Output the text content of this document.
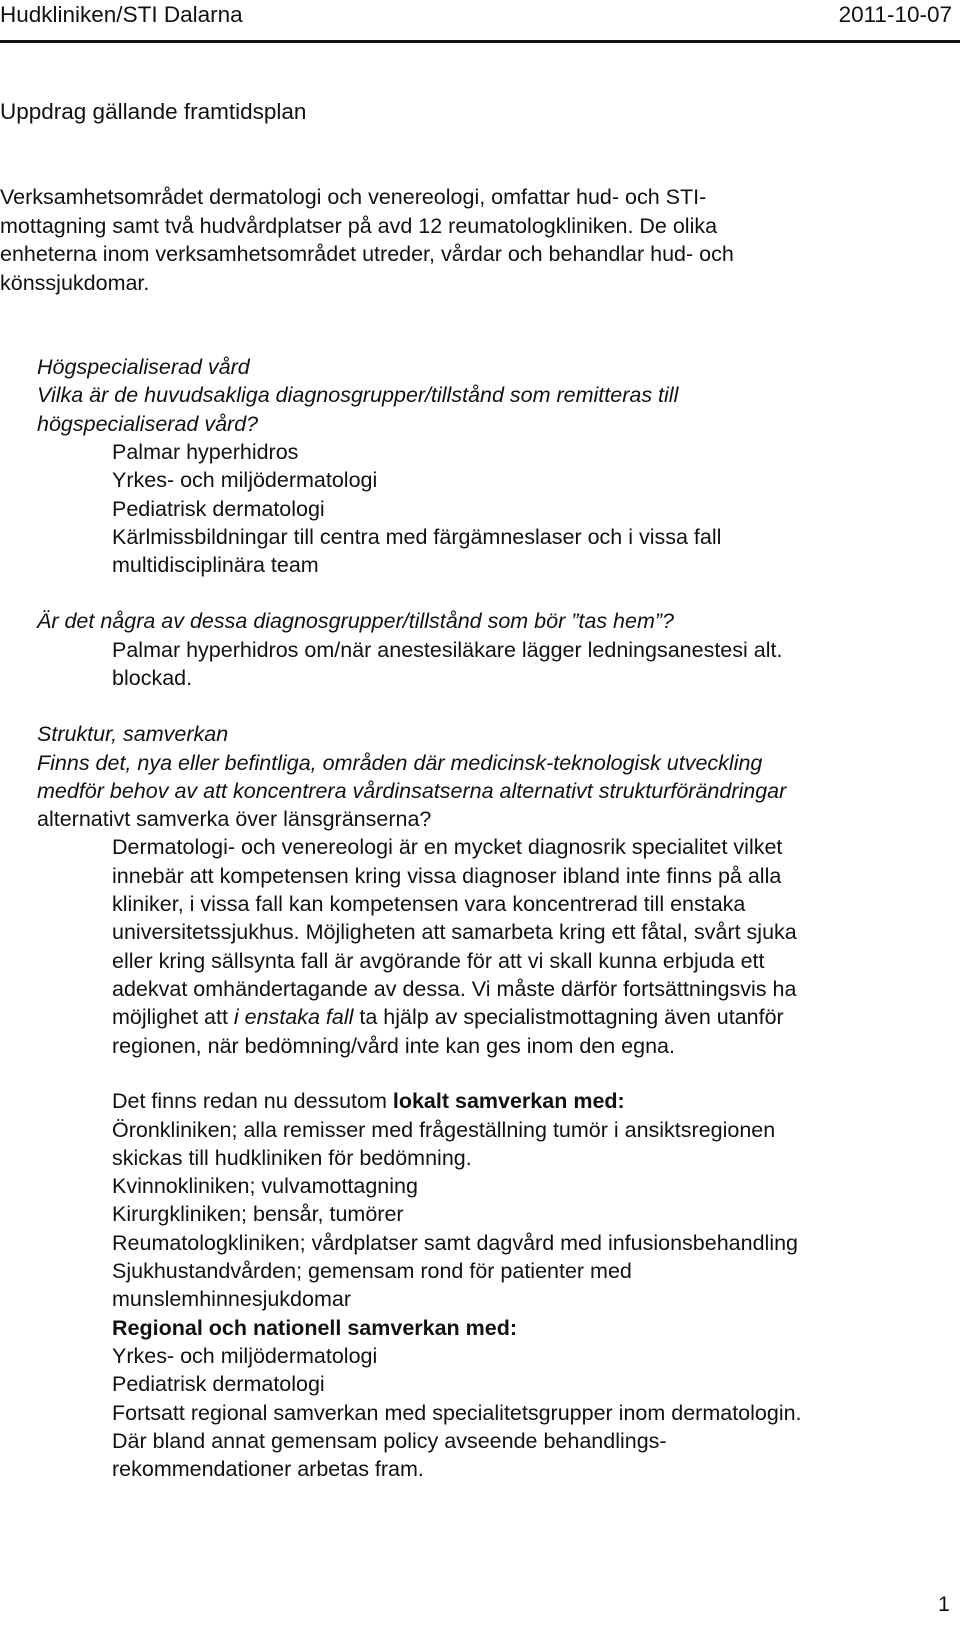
Hudkliniken/STI Dalarna	2011-10-07
Uppdrag gällande framtidsplan
Verksamhetsområdet dermatologi och venereologi, omfattar hud- och STI-
mottagning samt två hudvårdplatser på avd 12 reumatologkliniken. De olika
enheterna inom verksamhetsområdet utreder, vårdar och behandlar hud- och
könssjukdomar.
Högspecialiserad vård
Vilka är de huvudsakliga diagnosgrupper/tillstånd som remitteras till
högspecialiserad vård?
Palmar hyperhidros
Yrkes- och miljödermatologi
Pediatrisk dermatologi
Kärlmissbildningar till centra med färgämneslaser och i vissa fall
multidisciplinära team
Är det några av dessa diagnosgrupper/tillstånd som bör ”tas hem”?
Palmar hyperhidros om/när anestesiläkare lägger ledningsanestesi alt.
blockad.
Struktur, samverkan
Finns det, nya eller befintliga, områden där medicinsk-teknologisk utveckling
medför behov av att koncentrera vårdinsatserna alternativt strukturförändringar
alternativt samverka över länsgränserna?
Dermatologi- och venereologi är en mycket diagnosrik specialitet vilket
innebär att kompetensen kring vissa diagnoser ibland inte finns på alla
kliniker, i vissa fall kan kompetensen vara koncentrerad till enstaka
universitetssjukhus. Möjligheten att samarbeta kring ett fåtal, svårt sjuka
eller kring sällsynta fall är avgörande för att vi skall kunna erbjuda ett
adekvat omhändertagande av dessa. Vi måste därför fortsättningsvis ha
möjlighet att i enstaka fall ta hjälp av specialistmottagning även utanför
regionen, när bedömning/vård inte kan ges inom den egna.
Det finns redan nu dessutom lokalt samverkan med:
Öronkliniken; alla remisser med frågeställning tumör i ansiktsregionen
skickas till hudkliniken för bedömning.
Kvinnokliniken; vulvamottagning
Kirurgkliniken; bensår, tumörer
Reumatologkliniken; vårdplatser samt dagvård med infusionsbehandling
Sjukhustandvården; gemensam rond för patienter med
munslemhinnesjukdomar
Regional och nationell samverkan med:
Yrkes- och miljödermatologi
Pediatrisk dermatologi
Fortsatt regional samverkan med specialitetsgrupper inom dermatologin.
Där bland annat gemensam policy avseende behandlings-
rekommendationer arbetas fram.
1
